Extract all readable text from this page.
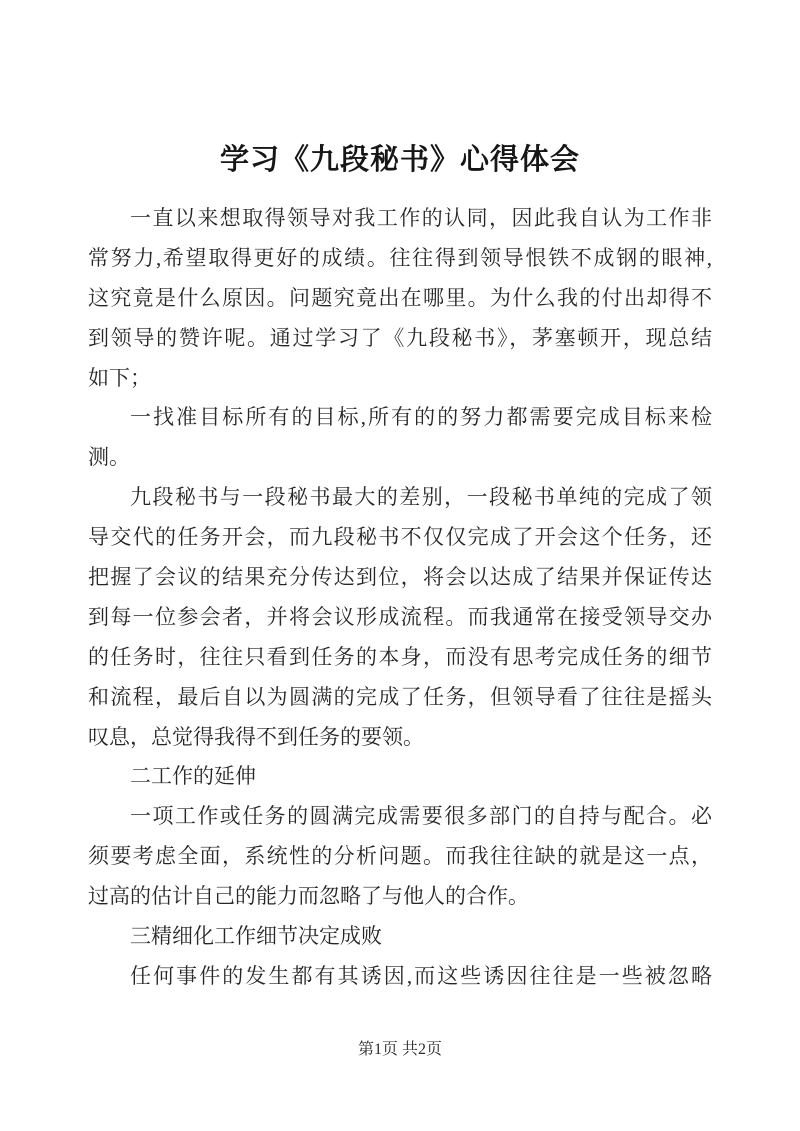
学习《九段秘书》心得体会

一直以来想取得领导对我工作的认同，因此我自认为工作非

常努力,希望取得更好的成绩。往往得到领导恨铁不成钢的眼神,

这究竟是什么原因。问题究竟出在哪里。为什么我的付出却得不

到领导的赞许呢。通过学习了《九段秘书》，茅塞顿开，现总结

如下；

一找准目标所有的目标,所有的的努力都需要完成目标来检

测。

九段秘书与一段秘书最大的差别，一段秘书单纯的完成了领

导交代的任务开会，而九段秘书不仅仅完成了开会这个任务，还

把握了会议的结果充分传达到位，将会以达成了结果并保证传达

到每一位参会者，并将会议形成流程。而我通常在接受领导交办

的任务时，往往只看到任务的本身，而没有思考完成任务的细节

和流程，最后自以为圆满的完成了任务，但领导看了往往是摇头

叹息，总觉得我得不到任务的要领。

二工作的延伸

一项工作或任务的圆满完成需要很多部门的自持与配合。必

须要考虑全面，系统性的分析问题。而我往往缺的就是这一点，

过高的估计自己的能力而忽略了与他人的合作。

三精细化工作细节决定成败

任何事件的发生都有其诱因,而这些诱因往往是一些被忽略

第1页 共2页
